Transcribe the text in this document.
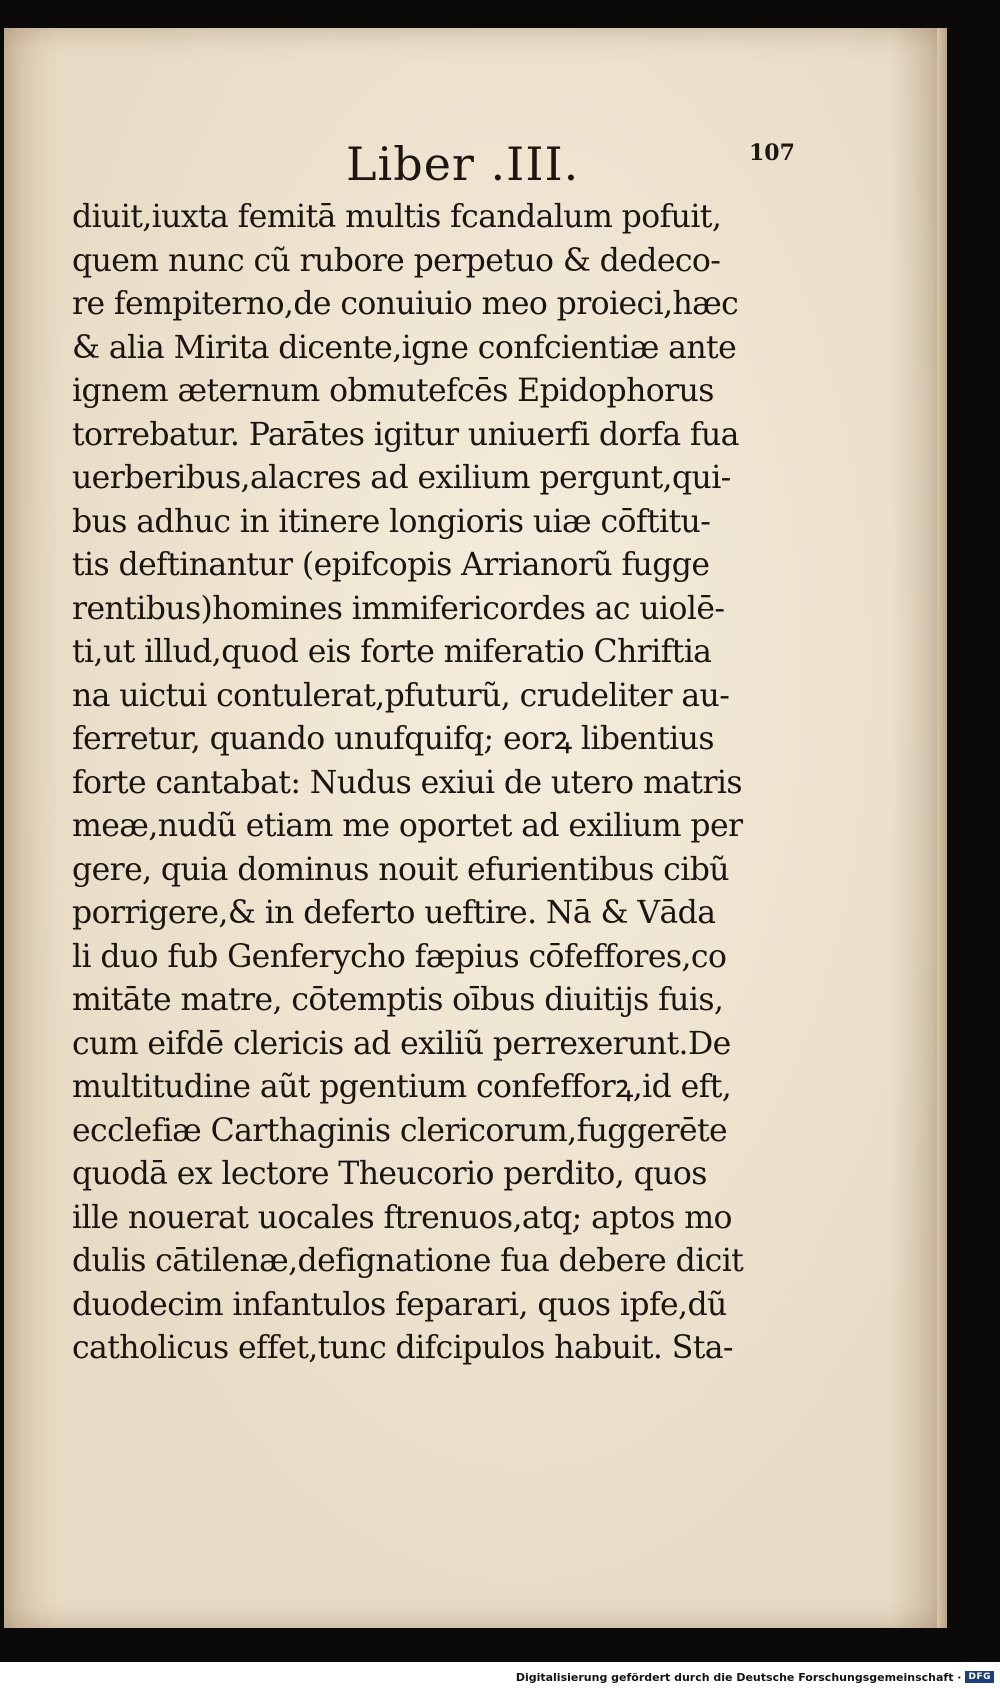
Liber .III.	107
diuit,iuxta femitā multis fcandalum pofuit,
quem nunc cũ rubore perpetuo & dedeco-
re fempiterno,de conuiuio meo proieci,hæc
& alia Mirita dicente,igne confcientiæ ante
ignem æternum obmutefcēs Epidophorus
torrebatur. Parātes igitur uniuerfi dorfa fua
uerberibus,alacres ad exilium pergunt,qui-
bus adhuc in itinere longioris uiæ cōftitu-
tis deftinantur (epifcopis Arrianorũ fugge
rentibus)homines immifericordes ac uiolē-
ti,ut illud,quod eis forte miferatio Chriftia
na uictui contulerat,pfuturũ, crudeliter au-
ferretur, quando unufquifq; eorꝝ libentius
forte cantabat: Nudus exiui de utero matris
meæ,nudũ etiam me oportet ad exilium per
gere, quia dominus nouit efurientibus cibũ
porrigere,& in deferto ueftire. Nā & Vāda
li duo fub Genferycho fæpius cōfeffores,co
mitāte matre, cōtemptis oībus diuitijs fuis,
cum eifdē clericis ad exiliũ perrexerunt.De
multitudine aũt pgentium confefforꝝ,id eft,
ecclefiæ Carthaginis clericorum,fuggerēte
quodā ex lectore Theucorio perdito, quos
ille nouerat uocales ftrenuos,atq; aptos mo
dulis cātilenæ,defignatione fua debere dicit
duodecim infantulos feparari, quos ipfe,dũ
catholicus effet,tunc difcipulos habuit. Sta-
Digitalisierung gefördert durch die Deutsche Forschungsgemeinschaft · DFG
